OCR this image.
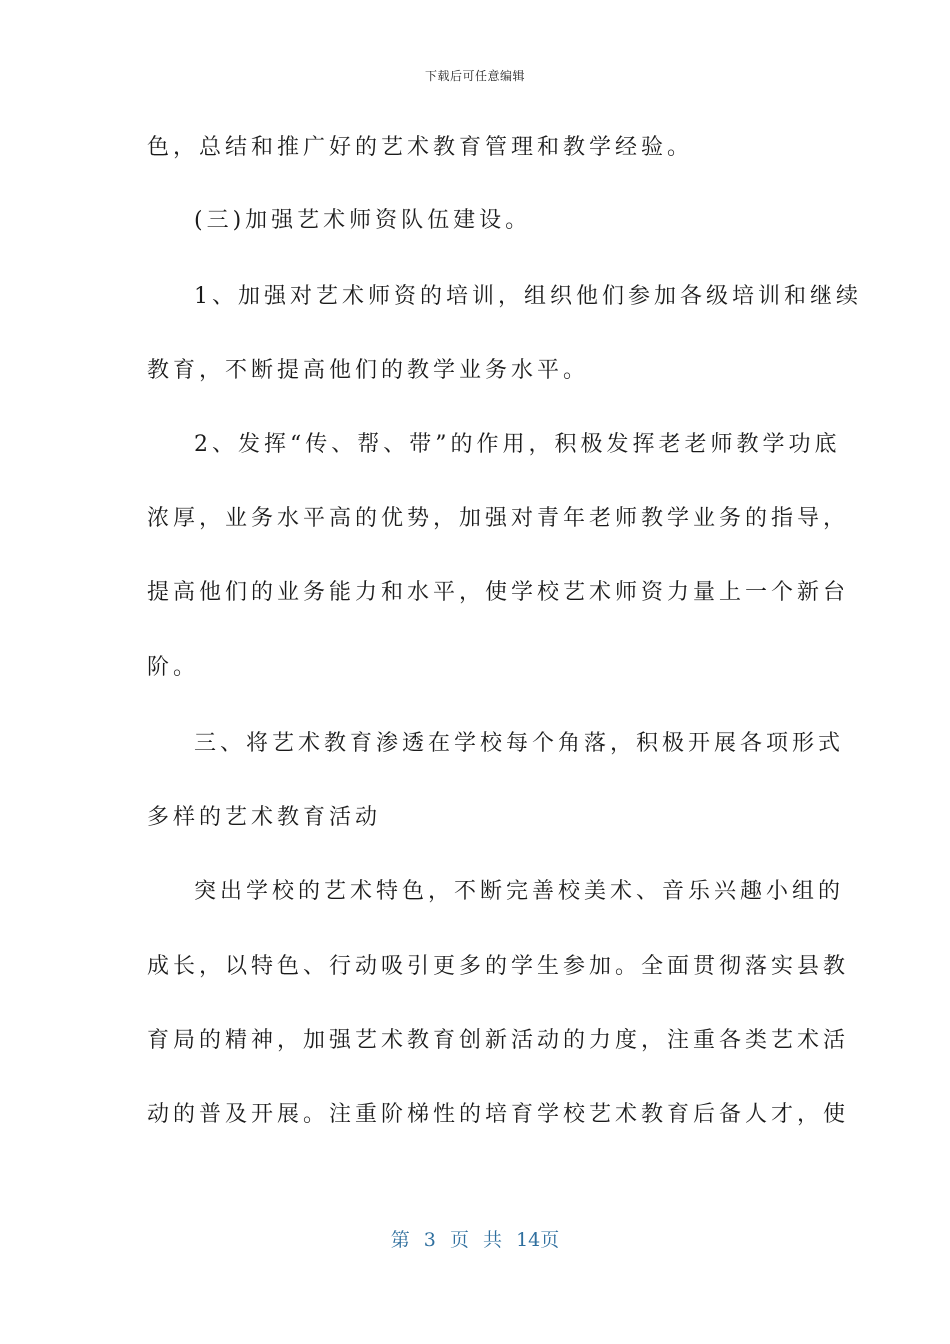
下载后可任意编辑
色，总结和推广好的艺术教育管理和教学经验。
(三)加强艺术师资队伍建设。
1、加强对艺术师资的培训，组织他们参加各级培训和继续
教育，不断提高他们的教学业务水平。
2、发挥“传、帮、带”的作用，积极发挥老老师教学功底
浓厚，业务水平高的优势，加强对青年老师教学业务的指导，
提高他们的业务能力和水平，使学校艺术师资力量上一个新台
阶。
三、将艺术教育渗透在学校每个角落，积极开展各项形式
多样的艺术教育活动
突出学校的艺术特色，不断完善校美术、音乐兴趣小组的
成长，以特色、行动吸引更多的学生参加。全面贯彻落实县教
育局的精神，加强艺术教育创新活动的力度，注重各类艺术活
动的普及开展。注重阶梯性的培育学校艺术教育后备人才，使
第 3 页 共 14页
